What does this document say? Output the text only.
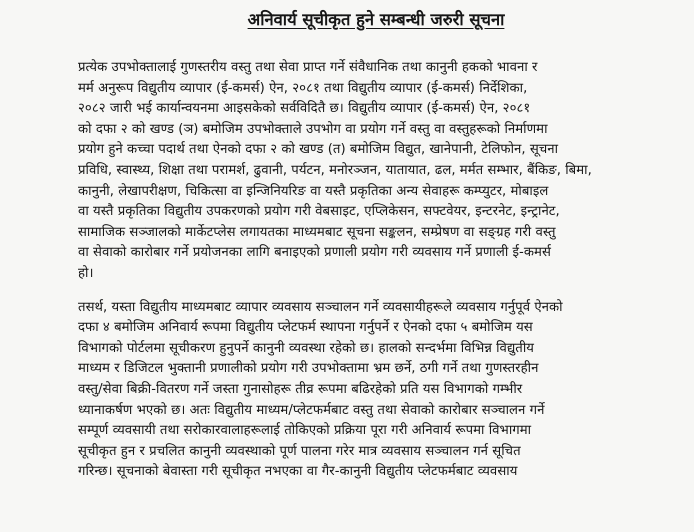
अनिवार्य सूचीकृत हुने सम्बन्धी जरुरी सूचना

प्रत्येक उपभोक्तालाई गुणस्तरीय वस्तु तथा सेवा प्राप्त गर्ने संवैधानिक तथा कानुनी हकको भावना र
मर्म अनुरूप विद्युतीय व्यापार (ई-कमर्स) ऐन, २०८१ तथा विद्युतीय व्यापार (ई-कमर्स) निर्देशिका,
२०८२ जारी भई कार्यान्वयनमा आइसकेको सर्वविदितै छ। विद्युतीय व्यापार (ई-कमर्स) ऐन, २०८१
को दफा २ को खण्ड (ञ) बमोजिम उपभोक्ताले उपभोग वा प्रयोग गर्ने वस्तु वा वस्तुहरूको निर्माणमा
प्रयोग हुने कच्चा पदार्थ तथा ऐनको दफा २ को खण्ड (त) बमोजिम विद्युत, खानेपानी, टेलिफोन, सूचना
प्रविधि, स्वास्थ्य, शिक्षा तथा परामर्श, ढुवानी, पर्यटन, मनोरञ्जन, यातायात, ढल, मर्मत सम्भार, बैंकिङ, बिमा,
कानुनी, लेखापरीक्षण, चिकित्सा वा इन्जिनियरिङ वा यस्तै प्रकृतिका अन्य सेवाहरू कम्प्युटर, मोबाइल
वा यस्तै प्रकृतिका विद्युतीय उपकरणको प्रयोग गरी वेबसाइट, एप्लिकेसन, सफ्टवेयर, इन्टरनेट, इन्ट्रानेट,
सामाजिक सञ्जालको मार्केटप्लेस लगायतका माध्यमबाट सूचना सङ्कलन, सम्प्रेषण वा सङ्ग्रह गरी वस्तु
वा सेवाको कारोबार गर्ने प्रयोजनका लागि बनाइएको प्रणाली प्रयोग गरी व्यवसाय गर्ने प्रणाली ई-कमर्स
हो।

तसर्थ, यस्ता विद्युतीय माध्यमबाट व्यापार व्यवसाय सञ्चालन गर्ने व्यवसायीहरूले व्यवसाय गर्नुपूर्व ऐनको
दफा ४ बमोजिम अनिवार्य रूपमा विद्युतीय प्लेटफर्म स्थापना गर्नुपर्ने र ऐनको दफा ५ बमोजिम यस
विभागको पोर्टलमा सूचीकरण हुनुपर्ने कानुनी व्यवस्था रहेको छ। हालको सन्दर्भमा विभिन्न विद्युतीय
माध्यम र डिजिटल भुक्तानी प्रणालीको प्रयोग गरी उपभोक्तामा भ्रम छर्ने, ठगी गर्ने तथा गुणस्तरहीन
वस्तु/सेवा बिक्री-वितरण गर्ने जस्ता गुनासोहरू तीव्र रूपमा बढिरहेको प्रति यस विभागको गम्भीर
ध्यानाकर्षण भएको छ। अतः विद्युतीय माध्यम/प्लेटफर्मबाट वस्तु तथा सेवाको कारोबार सञ्चालन गर्ने
सम्पूर्ण व्यवसायी तथा सरोकारवालाहरूलाई तोकिएको प्रक्रिया पूरा गरी अनिवार्य रूपमा विभागमा
सूचीकृत हुन र प्रचलित कानुनी व्यवस्थाको पूर्ण पालना गरेर मात्र व्यवसाय सञ्चालन गर्न सूचित
गरिन्छ। सूचनाको बेवास्ता गरी सूचीकृत नभएका वा गैर-कानुनी विद्युतीय प्लेटफर्मबाट व्यवसाय
